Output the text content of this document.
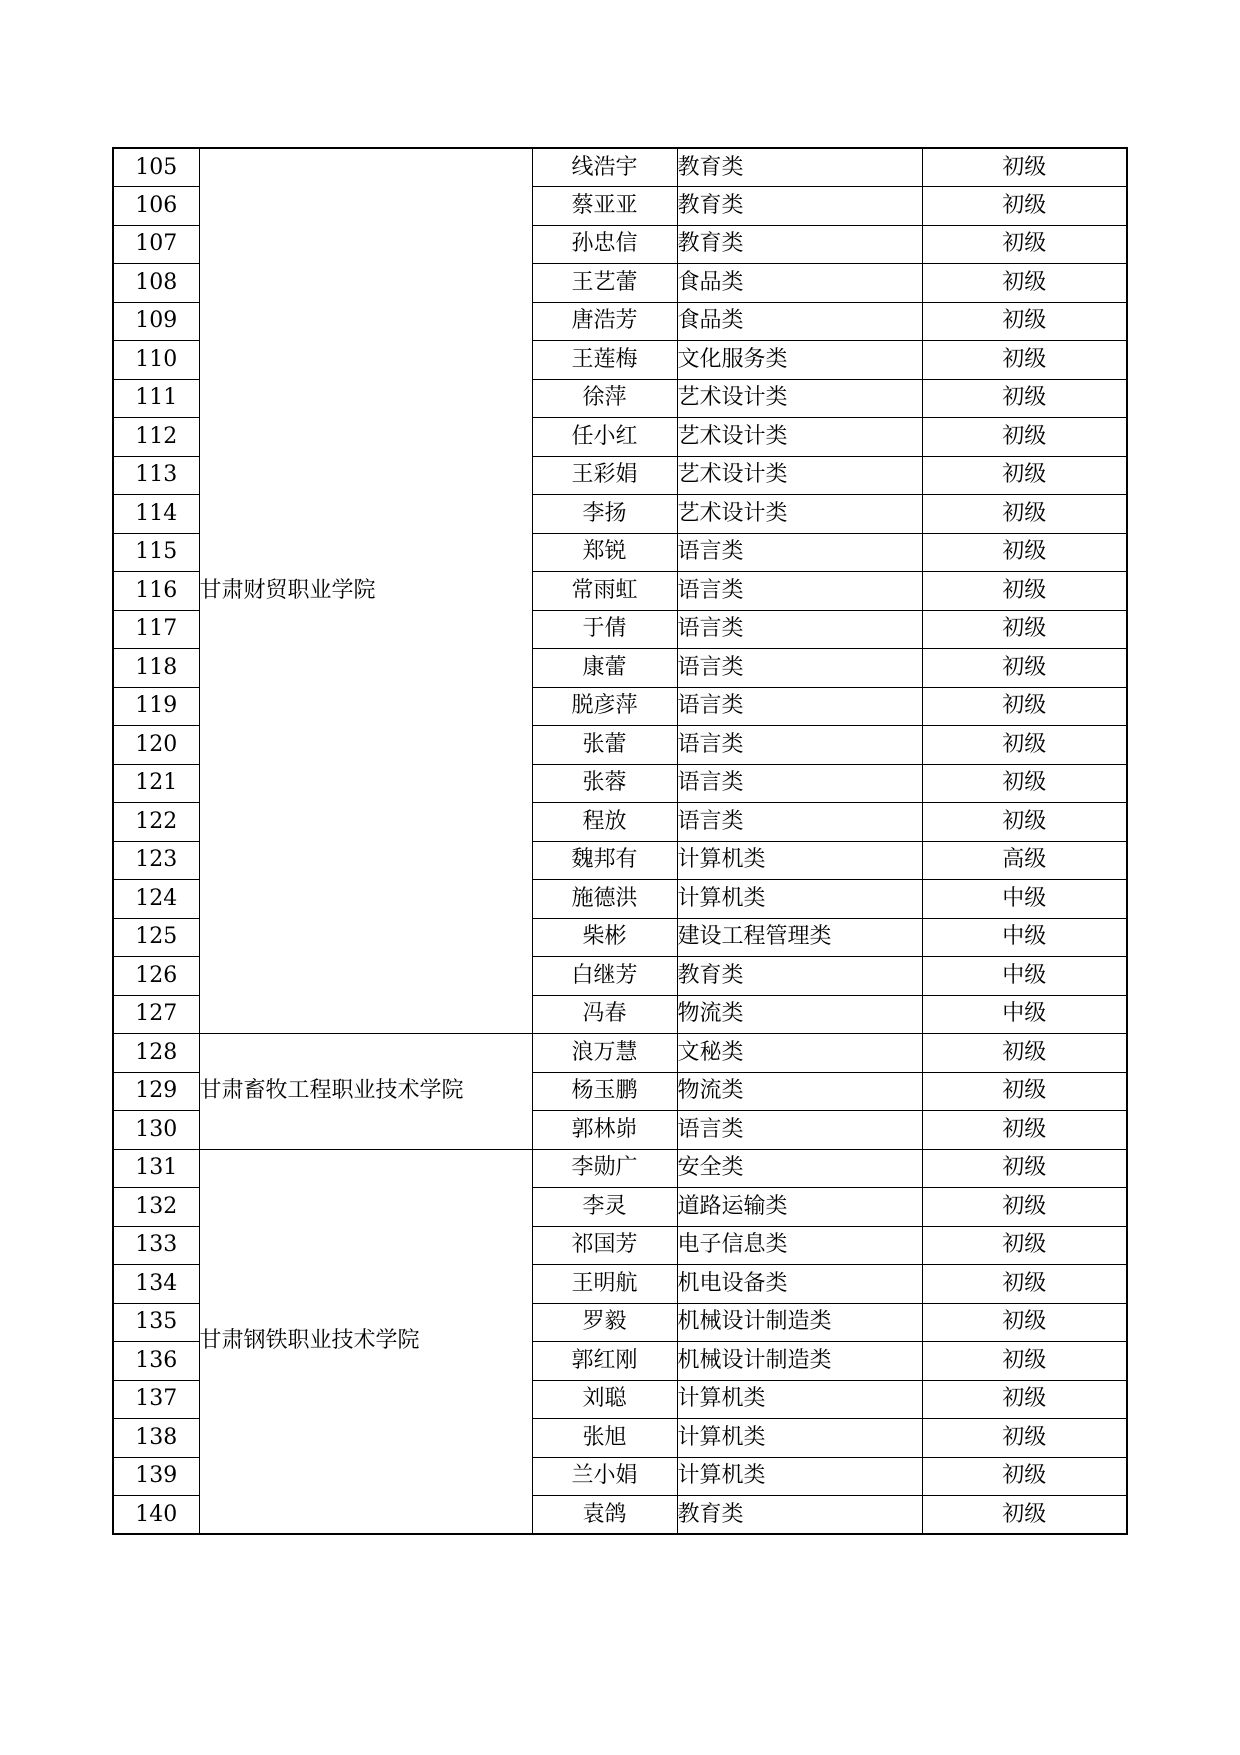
105	甘肃财贸职业学院	线浩宇	教育类	初级
106		蔡亚亚	教育类	初级
107		孙忠信	教育类	初级
108		王艺蕾	食品类	初级
109		唐浩芳	食品类	初级
110		王莲梅	文化服务类	初级
111		徐萍	艺术设计类	初级
112		任小红	艺术设计类	初级
113		王彩娟	艺术设计类	初级
114		李扬	艺术设计类	初级
115		郑锐	语言类	初级
116		常雨虹	语言类	初级
117		于倩	语言类	初级
118		康蕾	语言类	初级
119		脱彦萍	语言类	初级
120		张蕾	语言类	初级
121		张蓉	语言类	初级
122		程放	语言类	初级
123		魏邦有	计算机类	高级
124		施德洪	计算机类	中级
125		柴彬	建设工程管理类	中级
126		白继芳	教育类	中级
127		冯春	物流类	中级
128	甘肃畜牧工程职业技术学院	浪万慧	文秘类	初级
129		杨玉鹏	物流类	初级
130		郭林峁	语言类	初级
131	甘肃钢铁职业技术学院	李勋广	安全类	初级
132		李灵	道路运输类	初级
133		祁国芳	电子信息类	初级
134		王明航	机电设备类	初级
135		罗毅	机械设计制造类	初级
136		郭红刚	机械设计制造类	初级
137		刘聪	计算机类	初级
138		张旭	计算机类	初级
139		兰小娟	计算机类	初级
140		袁鸽	教育类	初级
